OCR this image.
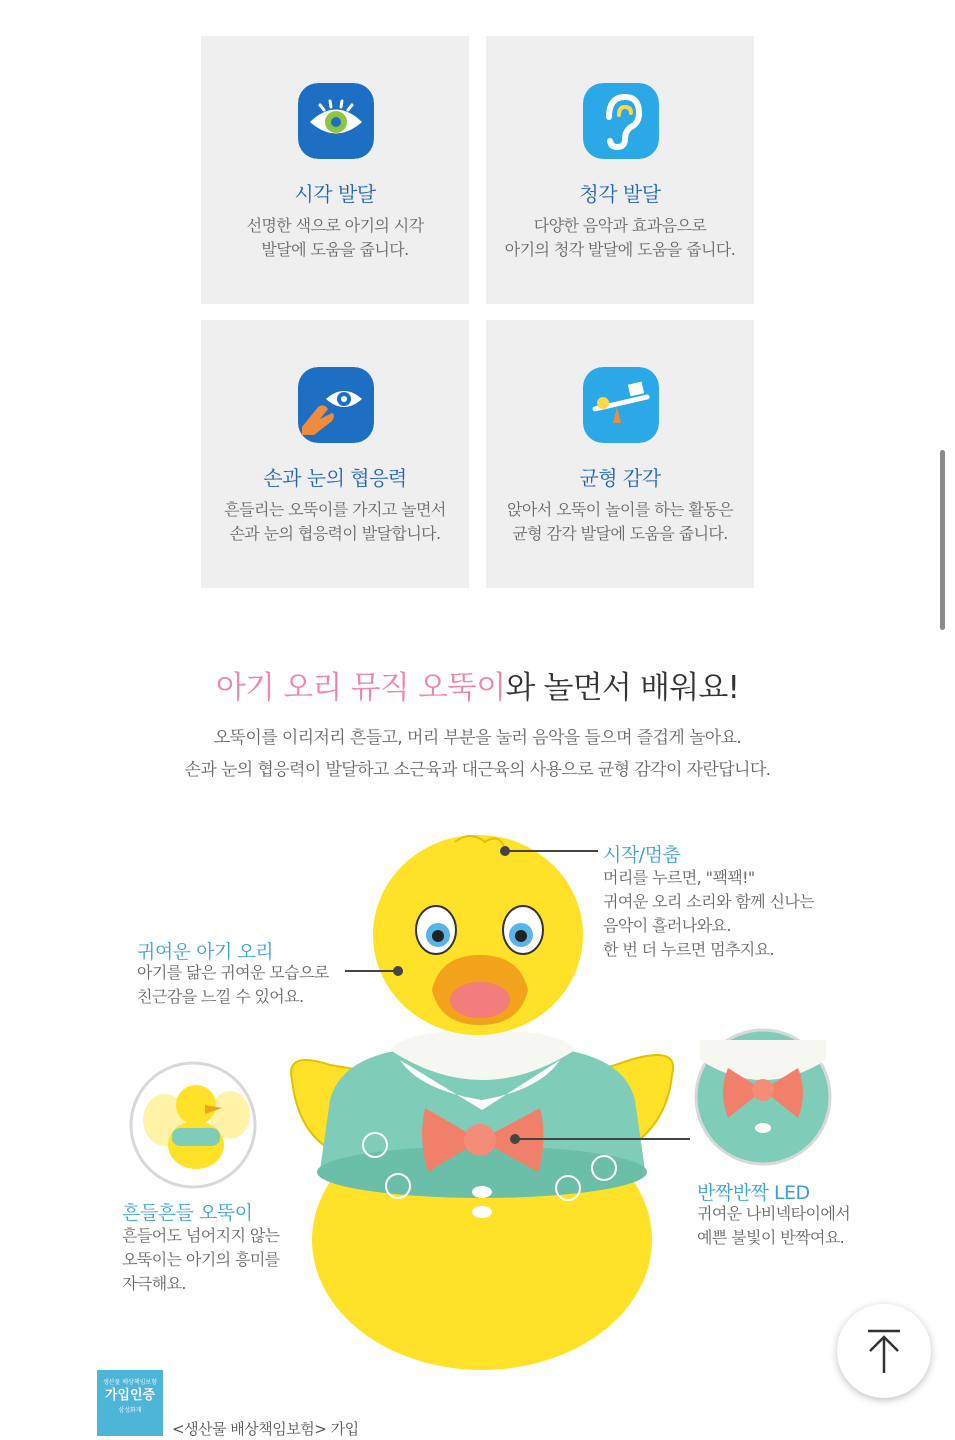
시각 발달
선명한 색으로 아기의 시각
발달에 도움을 줍니다.
청각 발달
다양한 음악과 효과음으로
아기의 청각 발달에 도움을 줍니다.
손과 눈의 협응력
흔들리는 오뚝이를 가지고 놀면서
손과 눈의 협응력이 발달합니다.
균형 감각
앉아서 오뚝이 놀이를 하는 활동은
균형 감각 발달에 도움을 줍니다.
아기 오리 뮤직 오뚝이와 놀면서 배워요!
오뚝이를 이리저리 흔들고, 머리 부분을 눌러 음악을 들으며 즐겁게 놀아요.
손과 눈의 협응력이 발달하고 소근육과 대근육의 사용으로 균형 감각이 자란답니다.
시작/멈춤
머리를 누르면, "꽥꽥!"
귀여운 오리 소리와 함께 신나는
음악이 흘러나와요.
한 번 더 누르면 멈추지요.
귀여운 아기 오리
아기를 닮은 귀여운 모습으로
친근감을 느낄 수 있어요.
반짝반짝 LED
귀여운 나비넥타이에서
예쁜 불빛이 반짝여요.
흔들흔들 오뚝이
흔들어도 넘어지지 않는
오뚝이는 아기의 흥미를
자극해요.
생산물 배상책임보험
가입인증
삼성화재
<생산물 배상책임보험> 가입
